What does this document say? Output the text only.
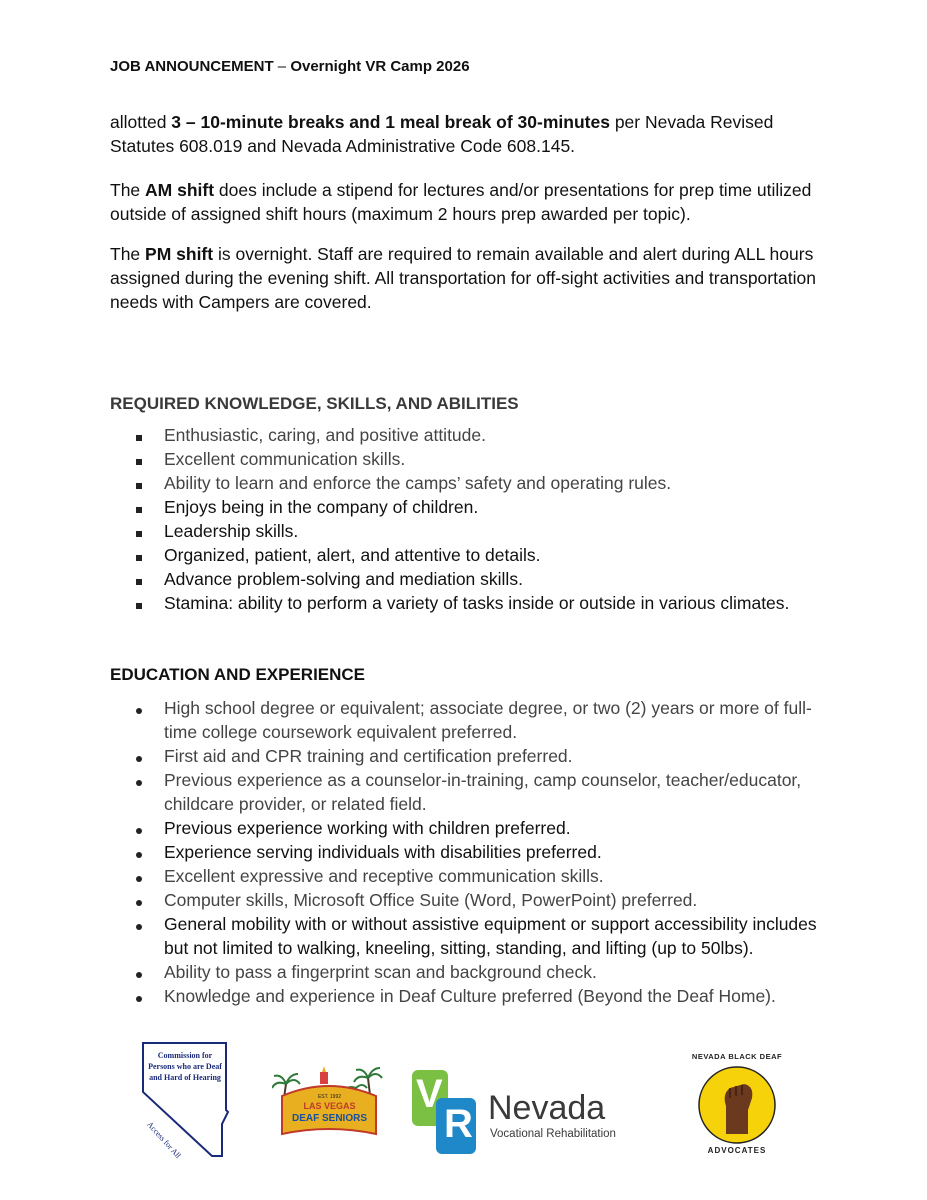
JOB ANNOUNCEMENT – Overnight VR Camp 2026

allotted 3 – 10-minute breaks and 1 meal break of 30-minutes per Nevada Revised Statutes 608.019 and Nevada Administrative Code 608.145.

The AM shift does include a stipend for lectures and/or presentations for prep time utilized outside of assigned shift hours (maximum 2 hours prep awarded per topic).

The PM shift is overnight. Staff are required to remain available and alert during ALL hours assigned during the evening shift. All transportation for off-sight activities and transportation needs with Campers are covered.

REQUIRED KNOWLEDGE, SKILLS, AND ABILITIES
Enthusiastic, caring, and positive attitude.
Excellent communication skills.
Ability to learn and enforce the camps’ safety and operating rules.
Enjoys being in the company of children.
Leadership skills.
Organized, patient, alert, and attentive to details.
Advance problem-solving and mediation skills.
Stamina: ability to perform a variety of tasks inside or outside in various climates.
EDUCATION AND EXPERIENCE
High school degree or equivalent; associate degree, or two (2) years or more of full-time college coursework equivalent preferred.
First aid and CPR training and certification preferred.
Previous experience as a counselor-in-training, camp counselor, teacher/educator, childcare provider, or related field.
Previous experience working with children preferred.
Experience serving individuals with disabilities preferred.
Excellent expressive and receptive communication skills.
Computer skills, Microsoft Office Suite (Word, PowerPoint) preferred.
General mobility with or without assistive equipment or support accessibility includes but not limited to walking, kneeling, sitting, standing, and lifting (up to 50lbs).
Ability to pass a fingerprint scan and background check.
Knowledge and experience in Deaf Culture preferred (Beyond the Deaf Home).
Commission for Persons who are Deaf and Hard of Hearing
Access for All
EST. 1992
LAS VEGAS
DEAF SENIORS
V
R Nevada
Vocational Rehabilitation
NEVADA BLACK DEAF
ADVOCATES
